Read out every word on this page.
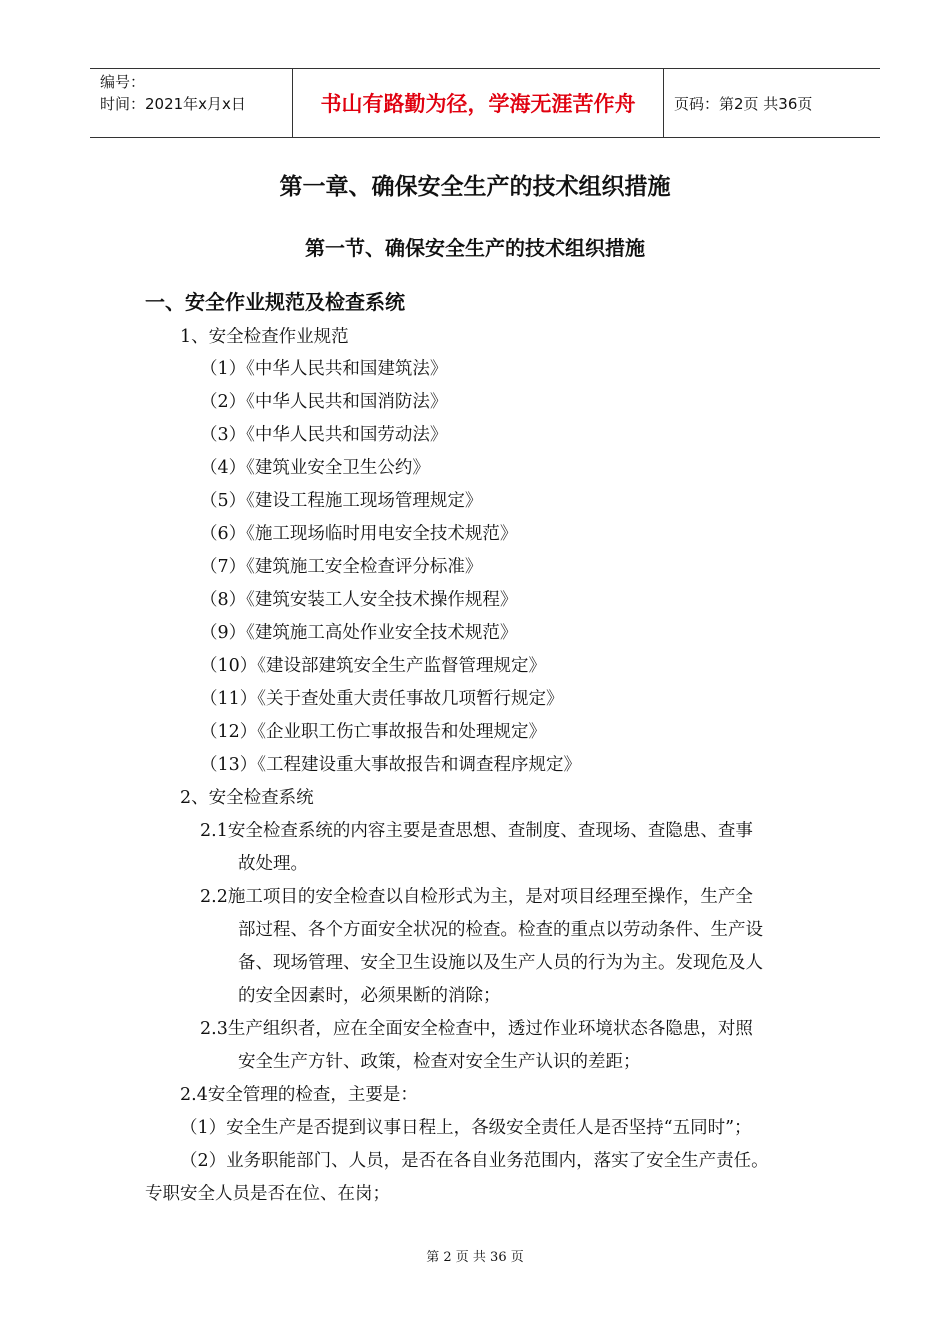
编号：
时间：2021年x月x日	书山有路勤为径，学海无涯苦作舟	页码：第2页 共36页
第一章、确保安全生产的技术组织措施
第一节、确保安全生产的技术组织措施
一、安全作业规范及检查系统
1、安全检查作业规范
（1）《中华人民共和国建筑法》
（2）《中华人民共和国消防法》
（3）《中华人民共和国劳动法》
（4）《建筑业安全卫生公约》
（5）《建设工程施工现场管理规定》
（6）《施工现场临时用电安全技术规范》
（7）《建筑施工安全检查评分标准》
（8）《建筑安装工人安全技术操作规程》
（9）《建筑施工高处作业安全技术规范》
（10）《建设部建筑安全生产监督管理规定》
（11）《关于查处重大责任事故几项暂行规定》
（12）《企业职工伤亡事故报告和处理规定》
（13）《工程建设重大事故报告和调查程序规定》
2、安全检查系统
2.1安全检查系统的内容主要是查思想、查制度、查现场、查隐患、查事
故处理。
2.2施工项目的安全检查以自检形式为主，是对项目经理至操作，生产全
部过程、各个方面安全状况的检查。检查的重点以劳动条件、生产设
备、现场管理、安全卫生设施以及生产人员的行为为主。发现危及人
的安全因素时，必须果断的消除；
2.3生产组织者，应在全面安全检查中，透过作业环境状态各隐患，对照
安全生产方针、政策，检查对安全生产认识的差距；
2.4安全管理的检查，主要是：
（1）安全生产是否提到议事日程上，各级安全责任人是否坚持“五同时”；
（2）业务职能部门、人员，是否在各自业务范围内，落实了安全生产责任。
专职安全人员是否在位、在岗；
第 2 页 共 36 页
